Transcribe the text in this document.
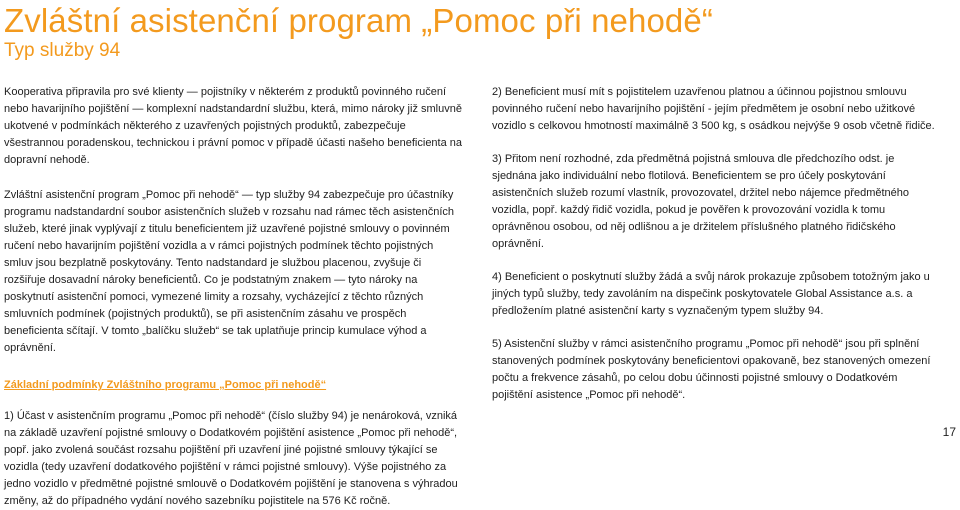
Zvláštní asistenční program „Pomoc při nehodě“
Typ služby 94

Kooperativa připravila pro své klienty — pojistníky v některém z produktů povinného ručení nebo havarijního pojištění — komplexní nadstandardní službu, která, mimo nároky již smluvně ukotvené v podmínkách některého z uzavřených pojistných produktů, zabezpečuje všestrannou poradenskou, technickou i právní pomoc v případě účasti našeho beneficienta na dopravní nehodě.

Zvláštní asistenční program „Pomoc při nehodě“ — typ služby 94 zabezpečuje pro účastníky programu nadstandardní soubor asistenčních služeb v rozsahu nad rámec těch asistenčních služeb, které jinak vyplývají z titulu beneficientem již uzavřené pojistné smlouvy o povinném ručení nebo havarijním pojištění vozidla a v rámci pojistných podmínek těchto pojistných smluv jsou bezplatně poskytovány. Tento nadstandard je službou placenou, zvyšuje či rozšiřuje dosavadní nároky beneficientů. Co je podstatným znakem — tyto nároky na poskytnutí asistenční pomoci, vymezené limity a rozsahy, vycházející z těchto různých smluvních podmínek (pojistných produktů), se při asistenčním zásahu ve prospěch beneficienta sčítají. V tomto „balíčku služeb“ se tak uplatňuje princip kumulace výhod a oprávnění.

Základní podmínky Zvláštního programu „Pomoc při nehodě“

1) Účast v asistenčním programu „Pomoc při nehodě“ (číslo služby 94) je nenároková, vzniká na základě uzavření pojistné smlouvy o Dodatkovém pojištění asistence „Pomoc při nehodě“, popř. jako zvolená součást rozsahu pojištění při uzavření jiné pojistné smlouvy týkající se vozidla (tedy uzavření dodatkového pojištění v rámci pojistné smlouvy). Výše pojistného za jedno vozidlo v předmětné pojistné smlouvě o Dodatkovém pojištění je stanovena s výhradou změny, až do případného vydání nového sazebníku pojistitele na 576 Kč ročně.

2) Beneficient musí mít s pojistitelem uzavřenou platnou a účinnou pojistnou smlouvu povinného ručení nebo havarijního pojištění - jejím předmětem je osobní nebo užitkové vozidlo s celkovou hmotností maximálně 3 500 kg, s osádkou nejvýše 9 osob včetně řidiče.

3) Přitom není rozhodné, zda předmětná pojistná smlouva dle předchozího odst. je sjednána jako individuální nebo flotilová. Beneficientem se pro účely poskytování asistenčních služeb rozumí vlastník, provozovatel, držitel nebo nájemce předmětného vozidla, popř. každý řidič vozidla, pokud je pověřen k provozování vozidla k tomu oprávněnou osobou, od něj odlišnou a je držitelem příslušného platného řidičského oprávnění.

4) Beneficient o poskytnutí služby žádá a svůj nárok prokazuje způsobem totožným jako u jiných typů služby, tedy zavoláním na dispečink poskytovatele Global Assistance a.s. a předložením platné asistenční karty s vyznačeným typem služby 94.

5) Asistenční služby v rámci asistenčního programu „Pomoc při nehodě“ jsou při splnění stanovených podmínek poskytovány beneficientovi opakovaně, bez stanovených omezení počtu a frekvence zásahů, po celou dobu účinnosti pojistné smlouvy o Dodatkovém pojištění asistence „Pomoc při nehodě“.

17
